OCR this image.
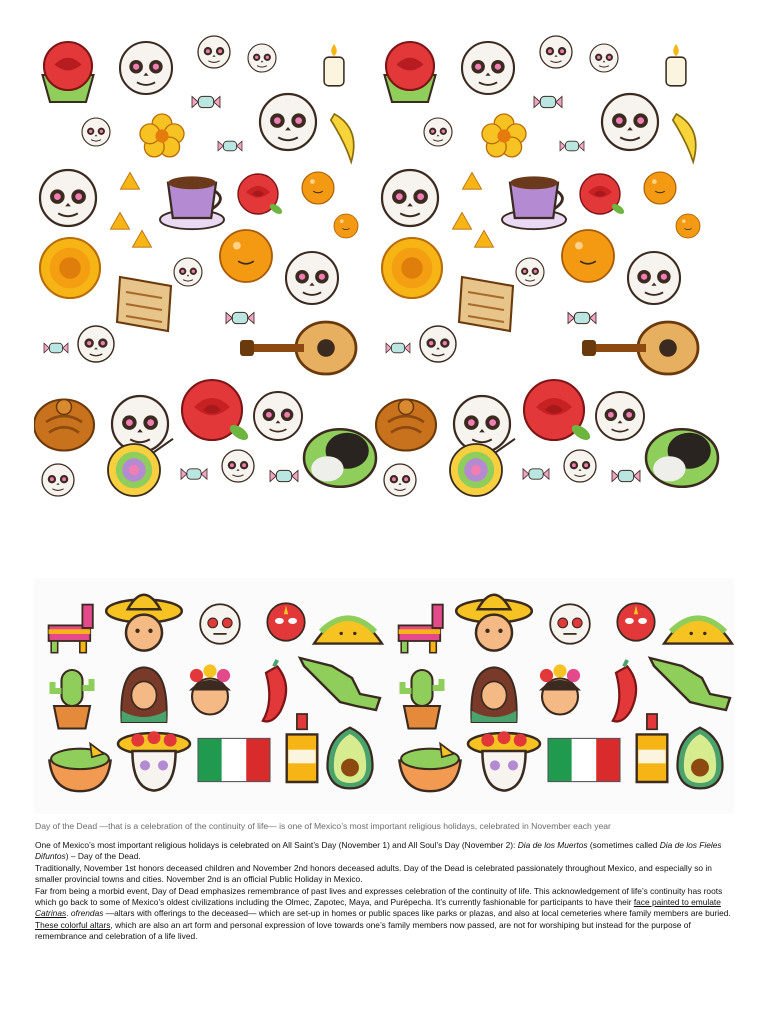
Day of the Dead —that is a celebration of the continuity of life— is one of Mexico’s most important religious holidays, celebrated in November each year

One of Mexico’s most important religious holidays is celebrated on All Saint’s Day (November 1) and All Soul’s Day (November 2): Dia de los Muertos (sometimes called Dia de los Fieles Difuntos) – Day of the Dead.

Traditionally, November 1st honors deceased children and November 2nd honors deceased adults. Day of the Dead is celebrated passionately throughout Mexico, and especially so in smaller provincial towns and cities. November 2nd is an official Public Holiday in Mexico.

Far from being a morbid event, Day of Dead emphasizes remembrance of past lives and expresses celebration of the continuity of life. This acknowledgement of life’s continuity has roots which go back to some of Mexico’s oldest civilizations including the Olmec, Zapotec, Maya, and Purépecha. It’s currently fashionable for participants to have their face painted to emulate Catrinas. ofrendas —altars with offerings to the deceased— which are set-up in homes or public spaces like parks or plazas, and also at local cemeteries where family members are buried. These colorful altars, which are also an art form and personal expression of love towards one’s family members now passed, are not for worshiping but instead for the purpose of remembrance and celebration of a life lived.
